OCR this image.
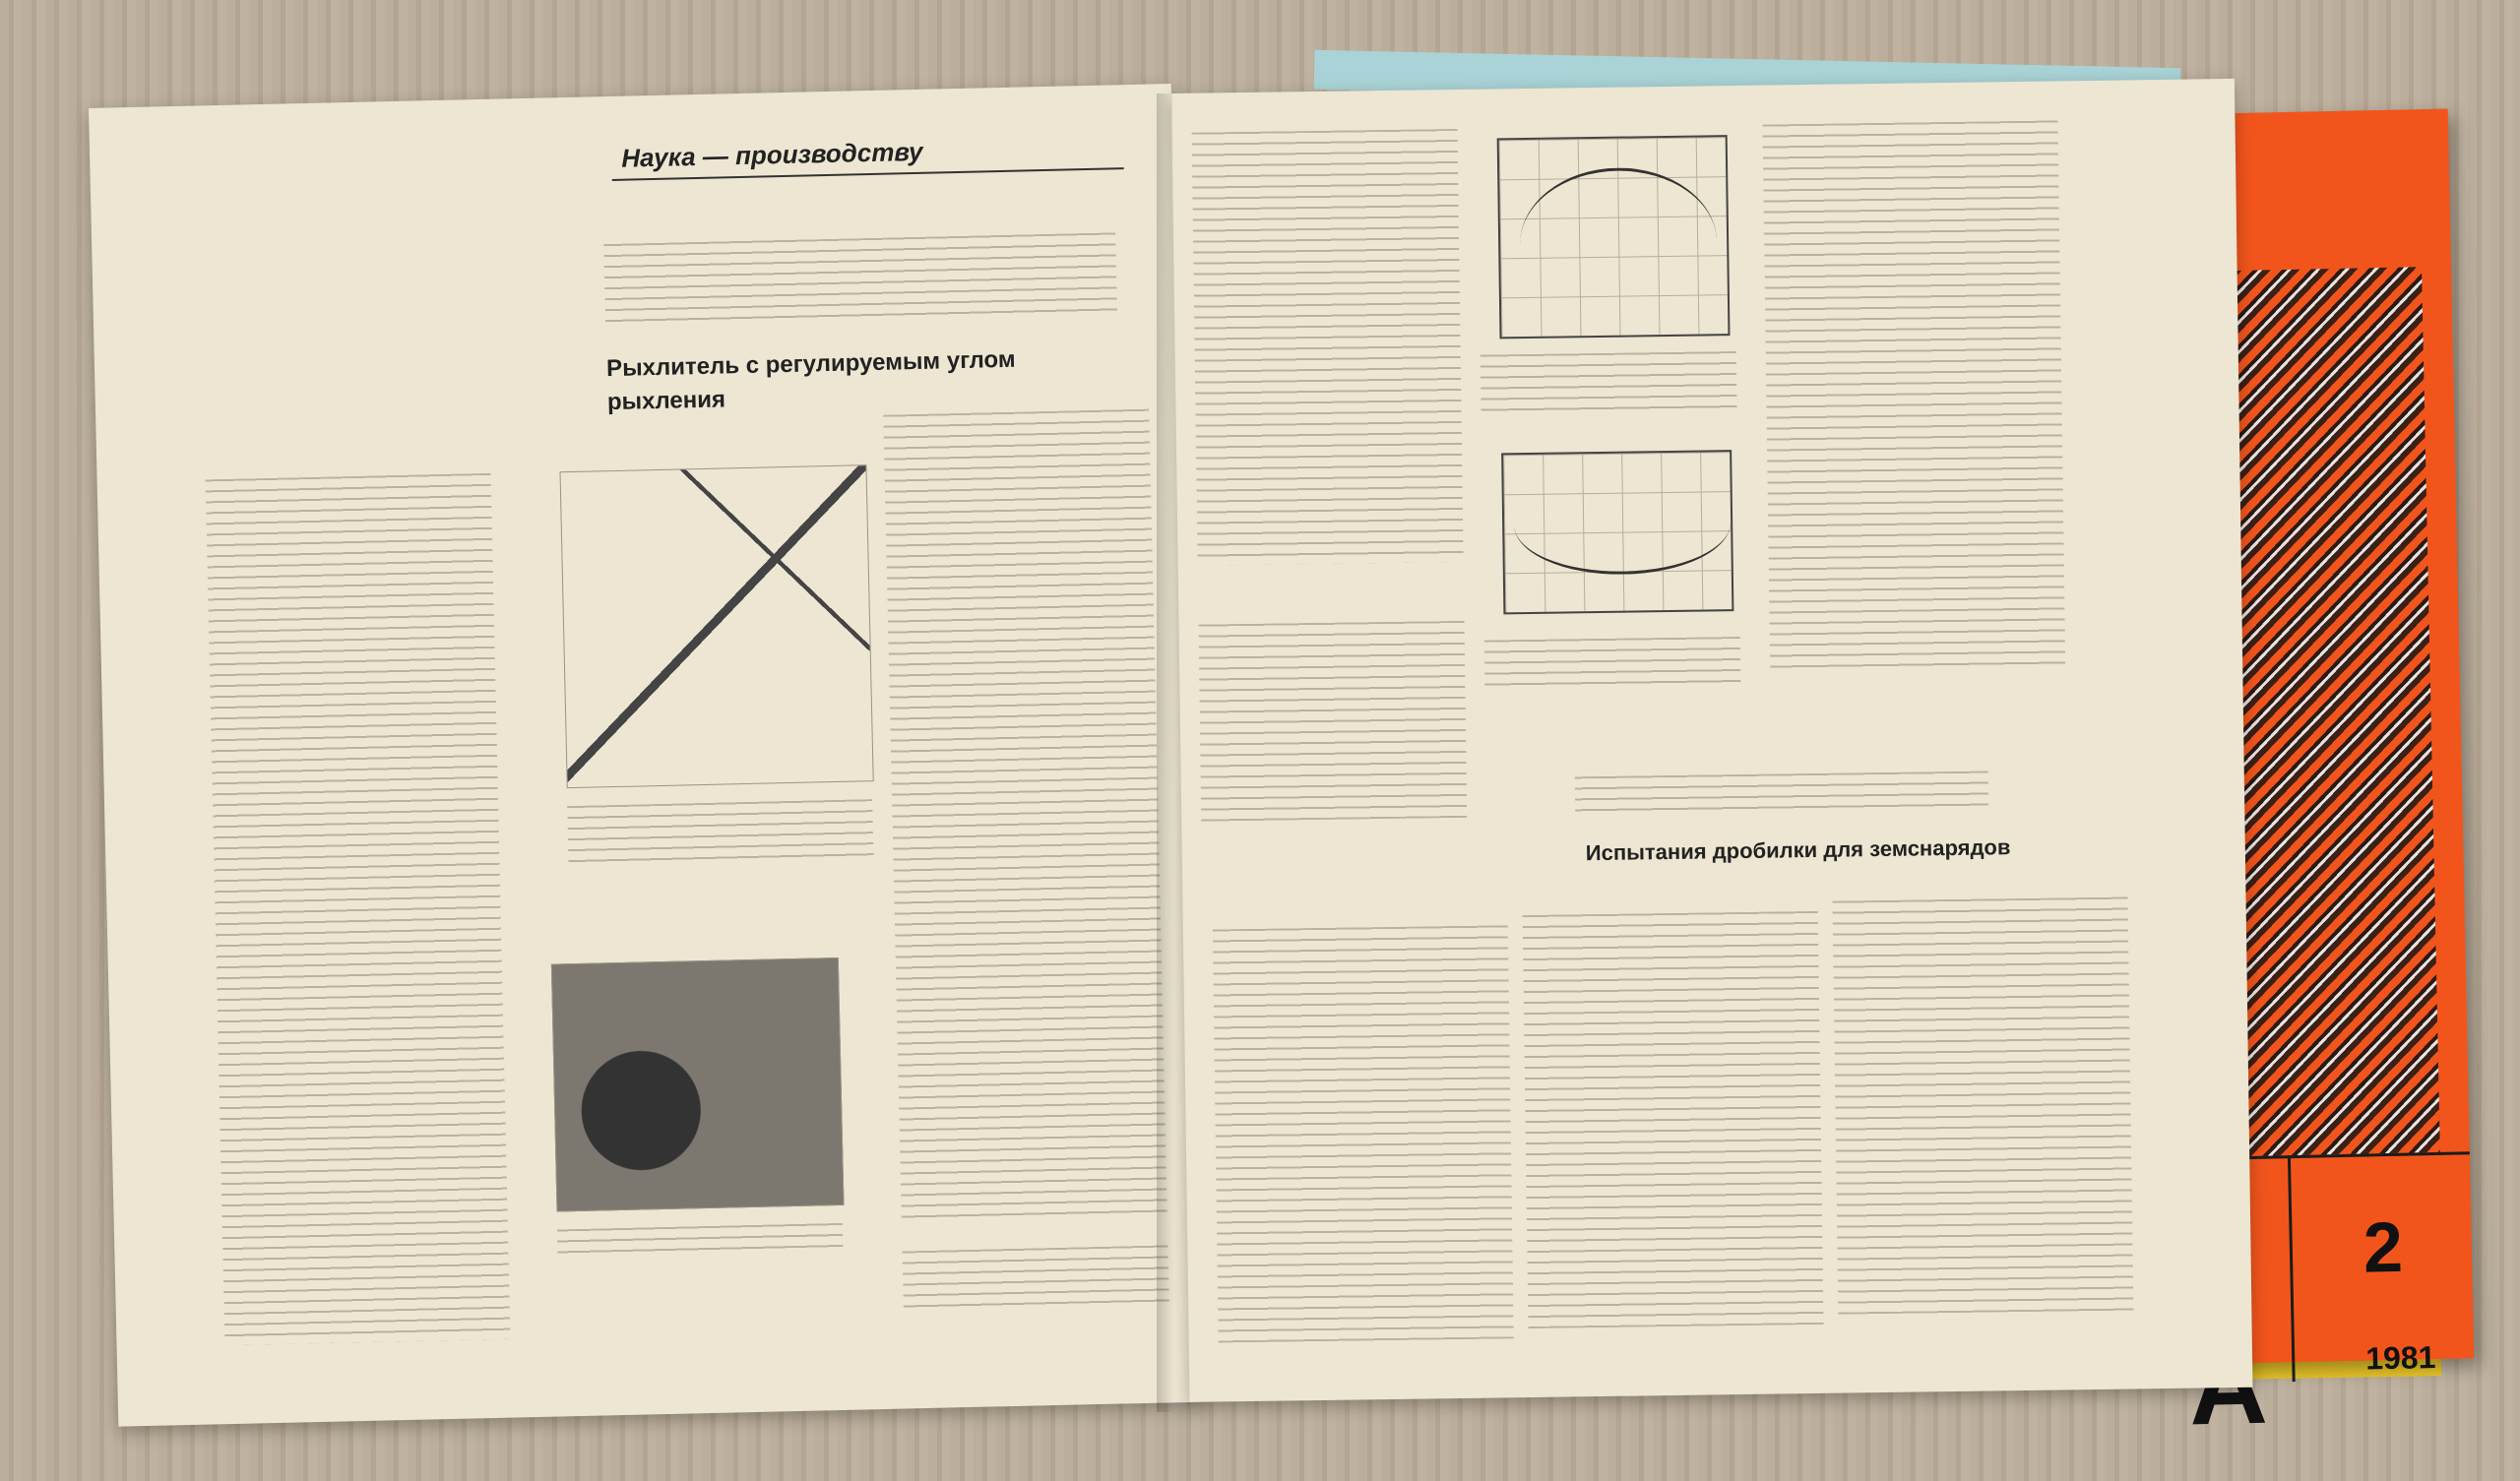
2
1981
Наука — производству
Рыхлитель с регулируемым углом рыхления
Испытания дробилки для земснарядов
